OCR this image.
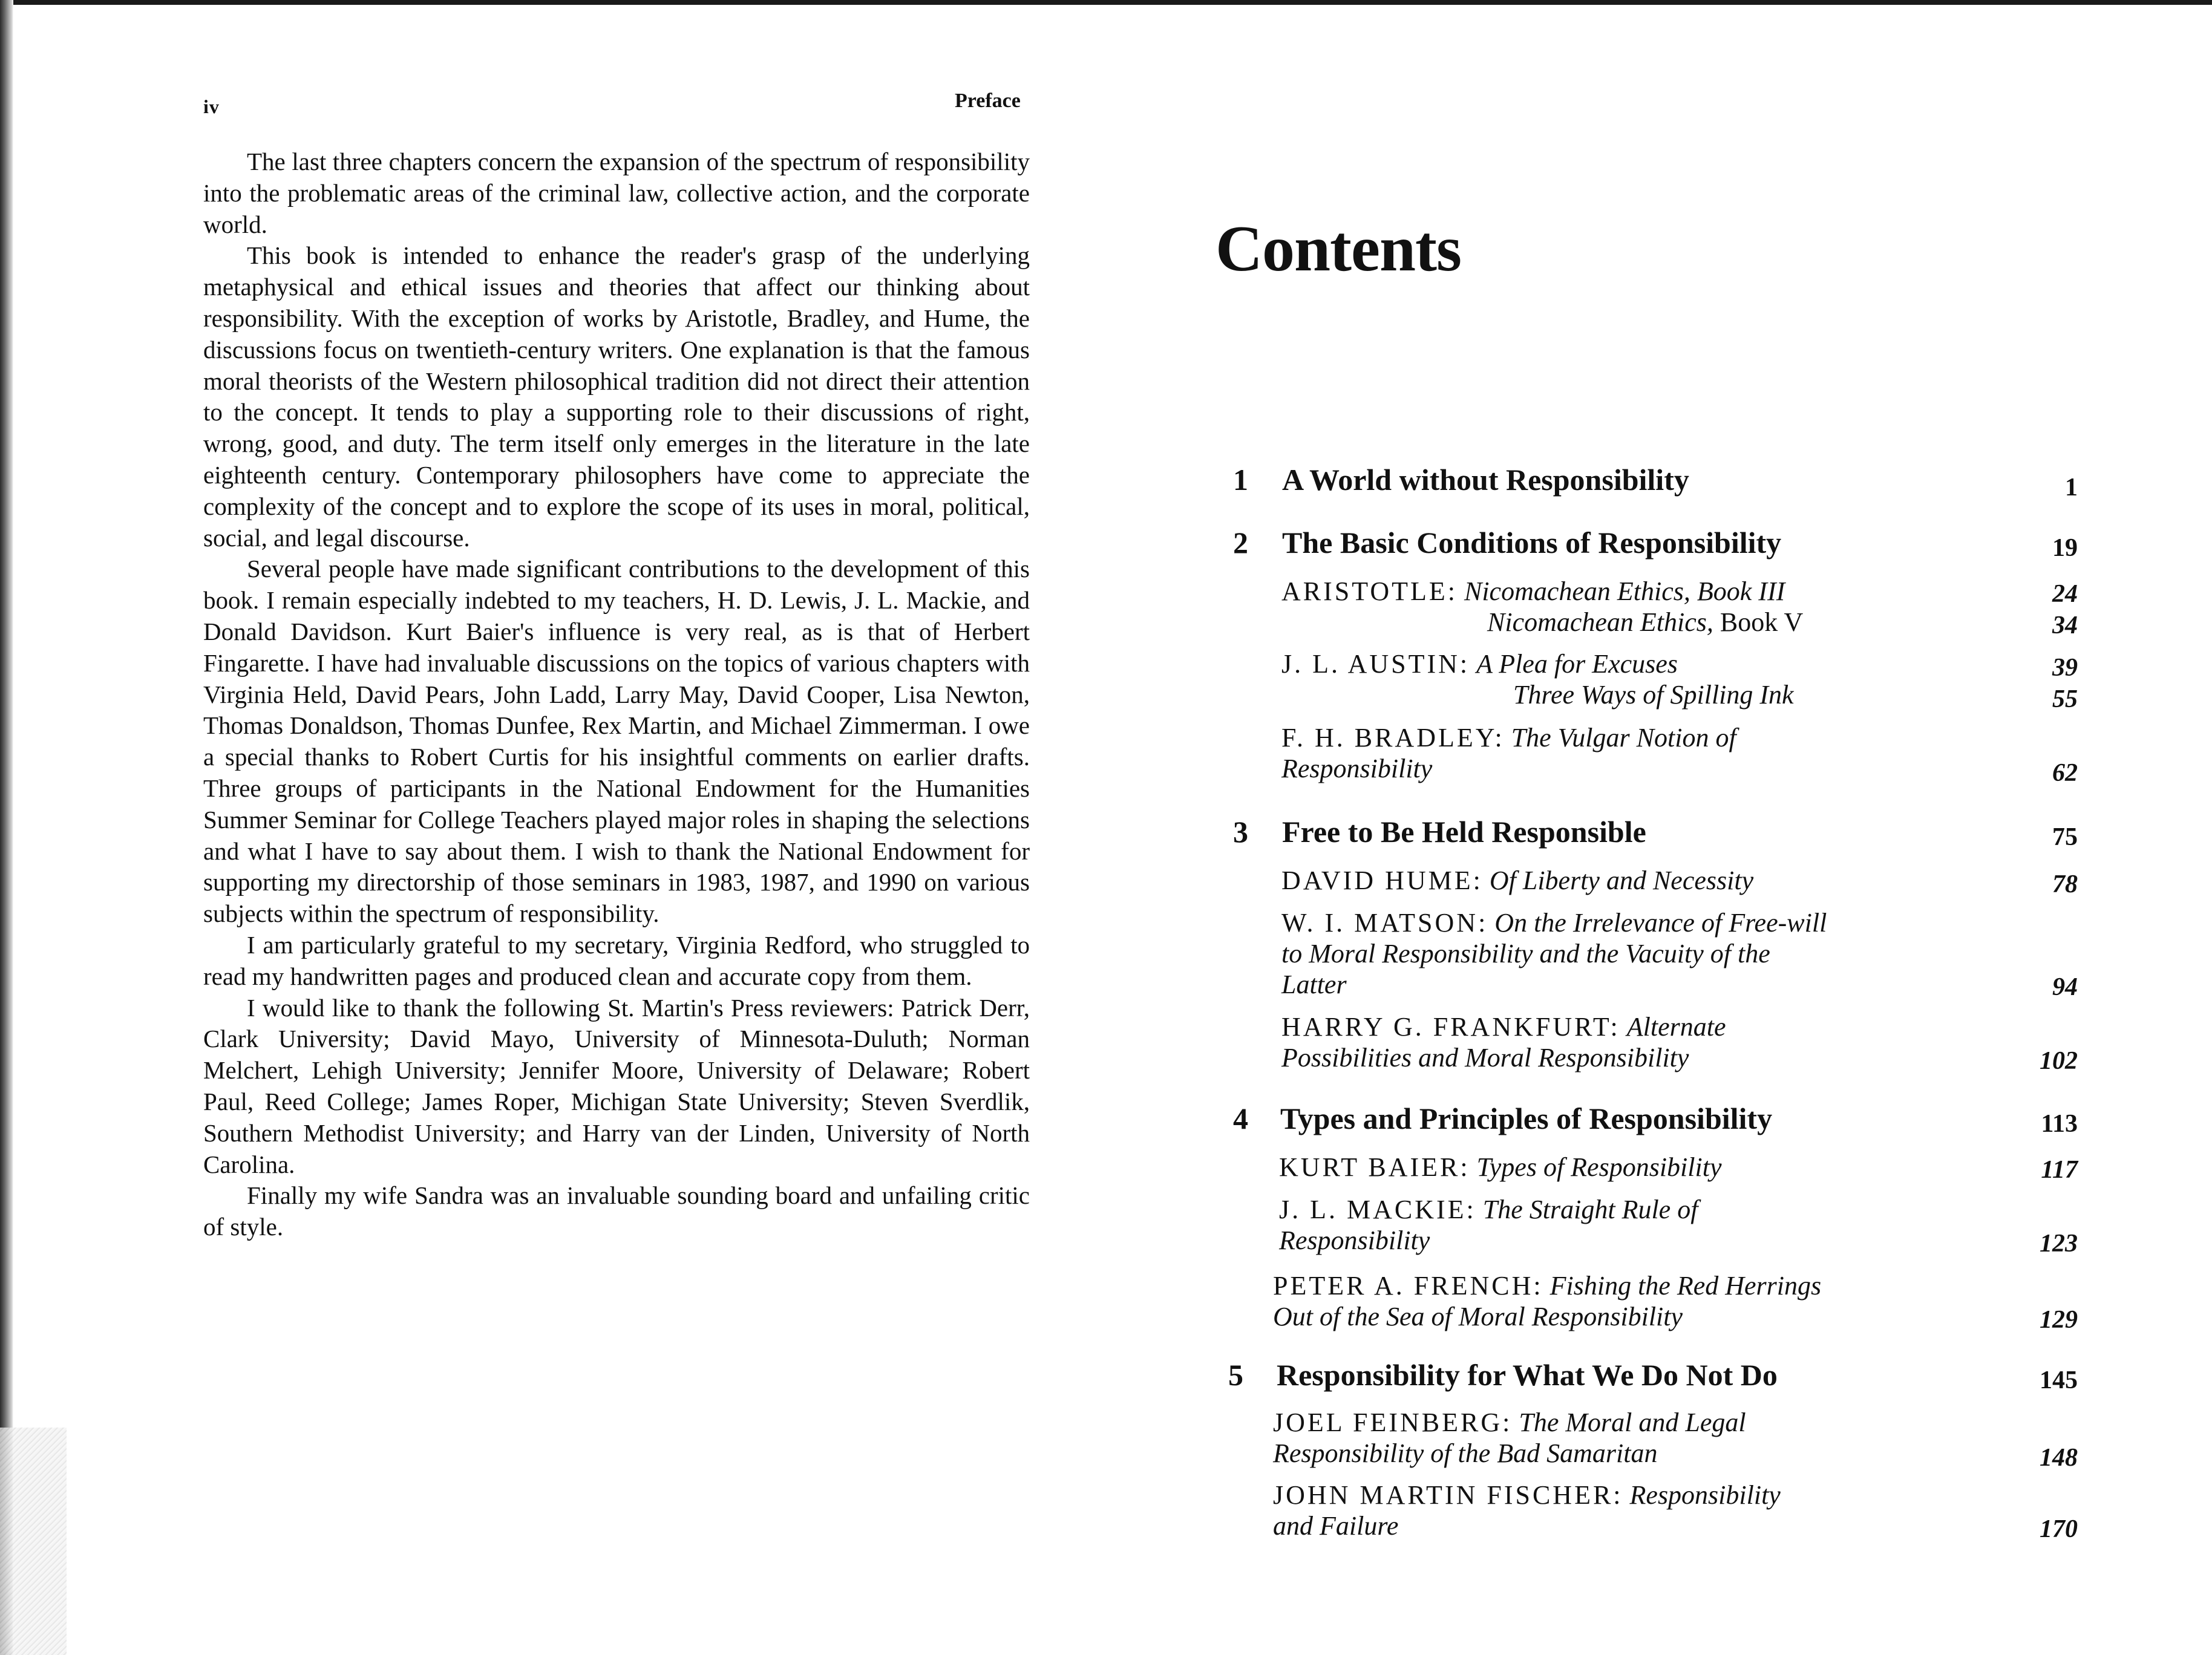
iv	Preface

The last three chapters concern the expansion of the spectrum of responsibility into the problematic areas of the criminal law, collective action, and the corporate world.

This book is intended to enhance the reader's grasp of the underlying metaphysical and ethical issues and theories that affect our thinking about responsibility. With the exception of works by Aristotle, Bradley, and Hume, the discussions focus on twentieth-century writers. One explanation is that the famous moral theorists of the Western philosophical tradition did not direct their attention to the concept. It tends to play a supporting role to their discussions of right, wrong, good, and duty. The term itself only emerges in the literature in the late eighteenth century. Contemporary philosophers have come to appreciate the complexity of the concept and to explore the scope of its uses in moral, political, social, and legal discourse.

Several people have made significant contributions to the development of this book. I remain especially indebted to my teachers, H. D. Lewis, J. L. Mackie, and Donald Davidson. Kurt Baier's influence is very real, as is that of Herbert Fingarette. I have had invaluable discussions on the topics of various chapters with Virginia Held, David Pears, John Ladd, Larry May, David Cooper, Lisa Newton, Thomas Donaldson, Thomas Dunfee, Rex Martin, and Michael Zimmerman. I owe a special thanks to Robert Curtis for his insightful comments on earlier drafts. Three groups of participants in the National Endowment for the Humanities Summer Seminar for College Teachers played major roles in shaping the selections and what I have to say about them. I wish to thank the National Endowment for supporting my directorship of those seminars in 1983, 1987, and 1990 on various subjects within the spectrum of responsibility.

I am particularly grateful to my secretary, Virginia Redford, who struggled to read my handwritten pages and produced clean and accurate copy from them.

I would like to thank the following St. Martin's Press reviewers: Patrick Derr, Clark University; David Mayo, University of Minnesota-Duluth; Norman Melchert, Lehigh University; Jennifer Moore, University of Delaware; Robert Paul, Reed College; James Roper, Michigan State University; Steven Sverdlik, Southern Methodist University; and Harry van der Linden, University of North Carolina.

Finally my wife Sandra was an invaluable sounding board and unfailing critic of style.

Contents
1 A World without Responsibility	1
2 The Basic Conditions of Responsibility	19
ARISTOTLE: Nicomachean Ethics, Book III	24
Nicomachean Ethics, Book V	34
J. L. AUSTIN: A Plea for Excuses	39
Three Ways of Spilling Ink	55
F. H. BRADLEY: The Vulgar Notion of
Responsibility	62
3 Free to Be Held Responsible	75
DAVID HUME: Of Liberty and Necessity	78
W. I. MATSON: On the Irrelevance of Free-will
to Moral Responsibility and the Vacuity of the
Latter	94
HARRY G. FRANKFURT: Alternate
Possibilities and Moral Responsibility	102
4 Types and Principles of Responsibility	113
KURT BAIER: Types of Responsibility	117
J. L. MACKIE: The Straight Rule of
Responsibility	123
PETER A. FRENCH: Fishing the Red Herrings
Out of the Sea of Moral Responsibility	129
5 Responsibility for What We Do Not Do	145
JOEL FEINBERG: The Moral and Legal
Responsibility of the Bad Samaritan	148
JOHN MARTIN FISCHER: Responsibility
and Failure	170
